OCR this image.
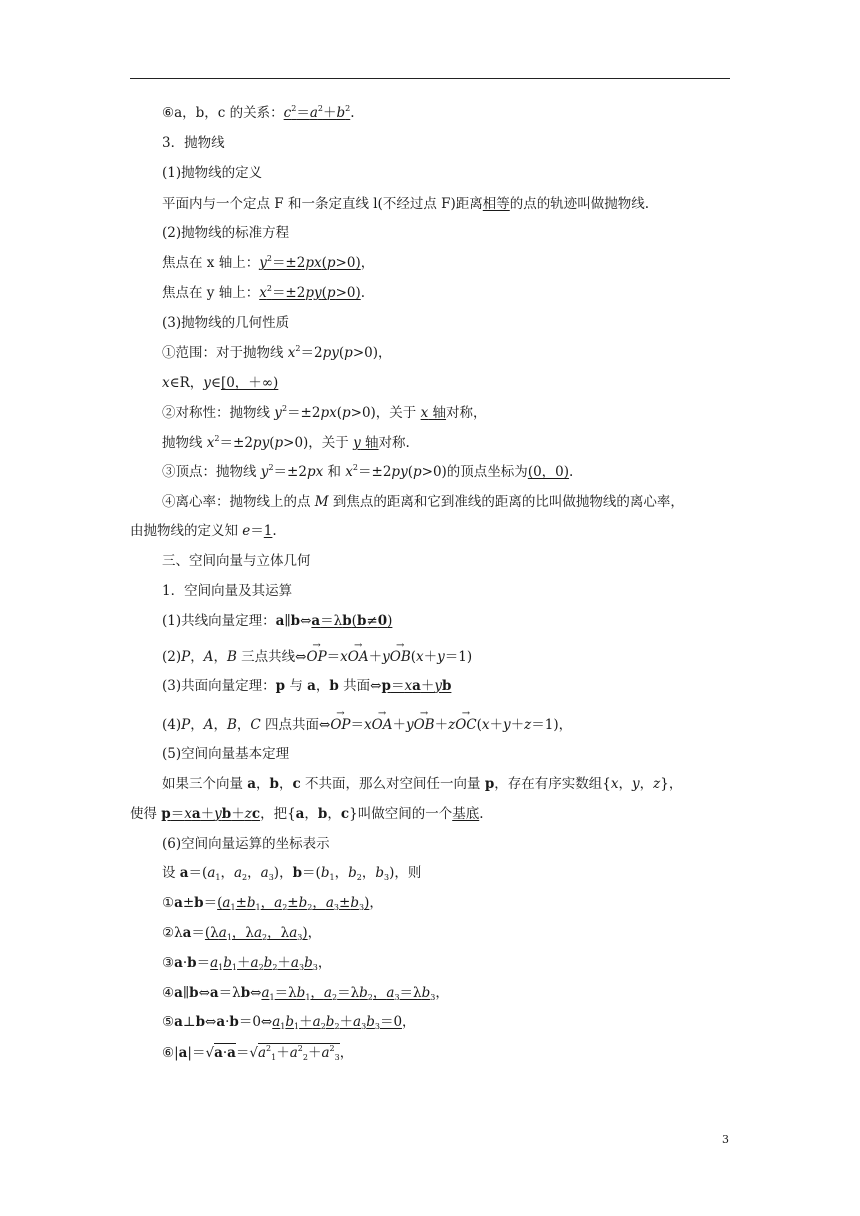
⑥a，b，c 的关系：$c^2=a^2+b^2$.
3．抛物线
(1)抛物线的定义
平面内与一个定点 F 和一条定直线 l(不经过点 F)距离相等的点的轨迹叫做抛物线.
(2)抛物线的标准方程
焦点在 x 轴上：$y^2=\pm 2px(p>0)$，
焦点在 y 轴上：$x^2=\pm 2py(p>0)$.
(3)抛物线的几何性质
①范围：对于抛物线 $x^2=2py(p>0)$，
x∈R，y∈[0，＋∞)
②对称性：抛物线 $y^2=\pm 2px(p>0)$，关于 x 轴对称，
抛物线 $x^2=\pm 2py(p>0)$，关于 y 轴对称.
③顶点：抛物线 $y^2=\pm 2px$ 和 $x^2=\pm 2py(p>0)$的顶点坐标为(0，0).
④离心率：抛物线上的点 M 到焦点的距离和它到准线的距离的比叫做抛物线的离心率，
由抛物线的定义知 e＝1.
三、空间向量与立体几何
1．空间向量及其运算
(1)共线向量定理：a∥b⇔a＝λb(b≠0)
(2)P，A，B 三点共线⇔→ OP＝x→ OA＋y→ OB(x＋y＝1)
(3)共面向量定理：p 与 a，b 共面⇔p＝xa＋yb
(4)P，A，B，C 四点共面⇔→ OP＝x→ OA＋y→ OB＋z→ OC(x＋y＋z＝1)，
(5)空间向量基本定理
如果三个向量 a，b，c 不共面，那么对空间任一向量 p，存在有序实数组{x，y，z}，
使得 p＝xa＋yb＋zc，把{a，b，c}叫做空间的一个基底.
(6)空间向量运算的坐标表示
设 $a=(a_1$，$a_2$，$a_3$)，$b=(b_1$，$b_2$，$b_3$)，则
$①a\pm b=(a_1\pm b_1$，$a_2\pm b_2$，$a_3\pm b_3$)，
$②\lambda a=(\lambda a_1$，$\lambda a_2$，$\lambda a_3$)，
$③a\cdot b=a_1b_1+a_2b_2+a_3b_3$，
$④a\parallel b\Leftrightarrow a=\lambda b\Leftrightarrow a_1=\lambda b_1$，$a_2=\lambda b_2$，$a_3=\lambda b_3$，
$⑤a\perp b\Leftrightarrow a\cdot b=0\Leftrightarrow a_1b_1+a_2b_2+a_3b_3=0$，
$⑥|a|=√a\cdot a=√a^2_1+a^2_2+a^2_3$，
3
